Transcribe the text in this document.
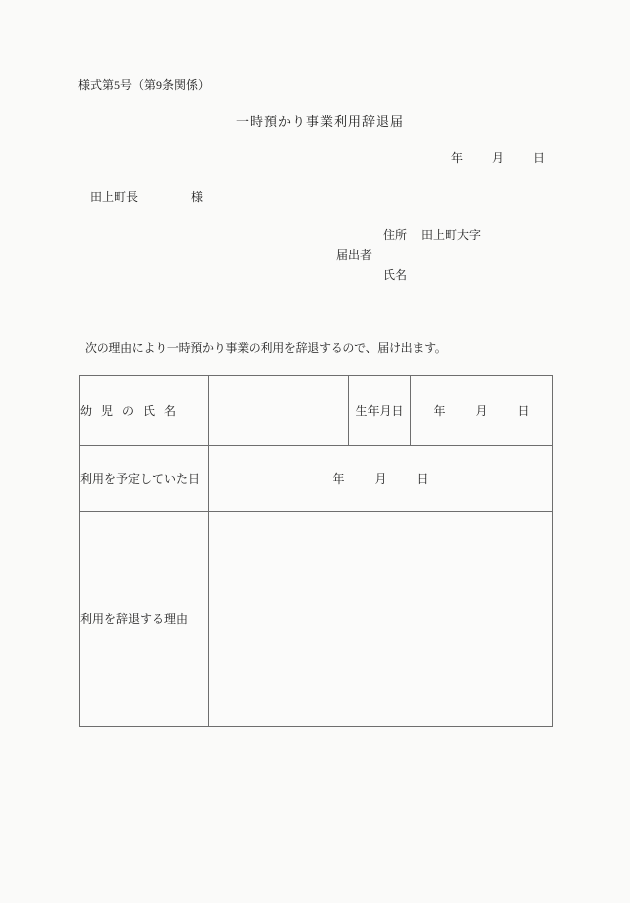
様式第5号（第9条関係）
一時預かり事業利用辞退届
年 月 日
田上町長	様
住所 田上町大字
届出者
氏名
次の理由により一時預かり事業の利用を辞退するので、届け出ます。
幼児の氏名		生年月日	年 月 日
利用を予定していた日	年 月 日		
利用を辞退する理由			
